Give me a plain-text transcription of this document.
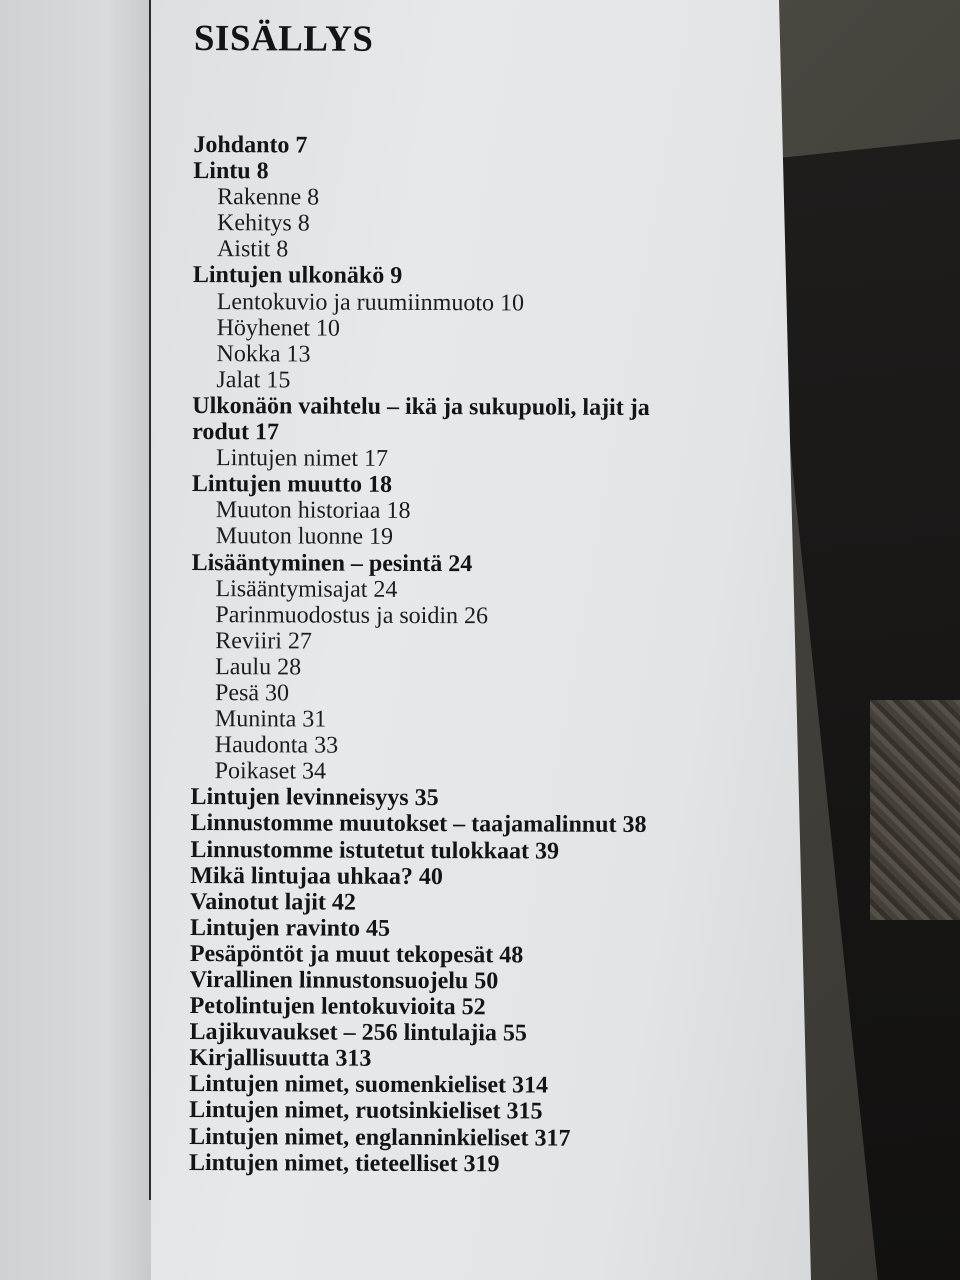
SISÄLLYS
Johdanto 7
Lintu 8
Rakenne 8
Kehitys 8
Aistit 8
Lintujen ulkonäkö 9
Lentokuvio ja ruumiinmuoto 10
Höyhenet 10
Nokka 13
Jalat 15
Ulkonäön vaihtelu – ikä ja sukupuoli, lajit ja
rodut 17
Lintujen nimet 17
Lintujen muutto 18
Muuton historiaa 18
Muuton luonne 19
Lisääntyminen – pesintä 24
Lisääntymisajat 24
Parinmuodostus ja soidin 26
Reviiri 27
Laulu 28
Pesä 30
Muninta 31
Haudonta 33
Poikaset 34
Lintujen levinneisyys 35
Linnustomme muutokset – taajamalinnut 38
Linnustomme istutetut tulokkaat 39
Mikä lintujaa uhkaa? 40
Vainotut lajit 42
Lintujen ravinto 45
Pesäpöntöt ja muut tekopesät 48
Virallinen linnustonsuojelu 50
Petolintujen lentokuvioita 52
Lajikuvaukset – 256 lintulajia 55
Kirjallisuutta 313
Lintujen nimet, suomenkieliset 314
Lintujen nimet, ruotsinkieliset 315
Lintujen nimet, englanninkieliset 317
Lintujen nimet, tieteelliset 319
